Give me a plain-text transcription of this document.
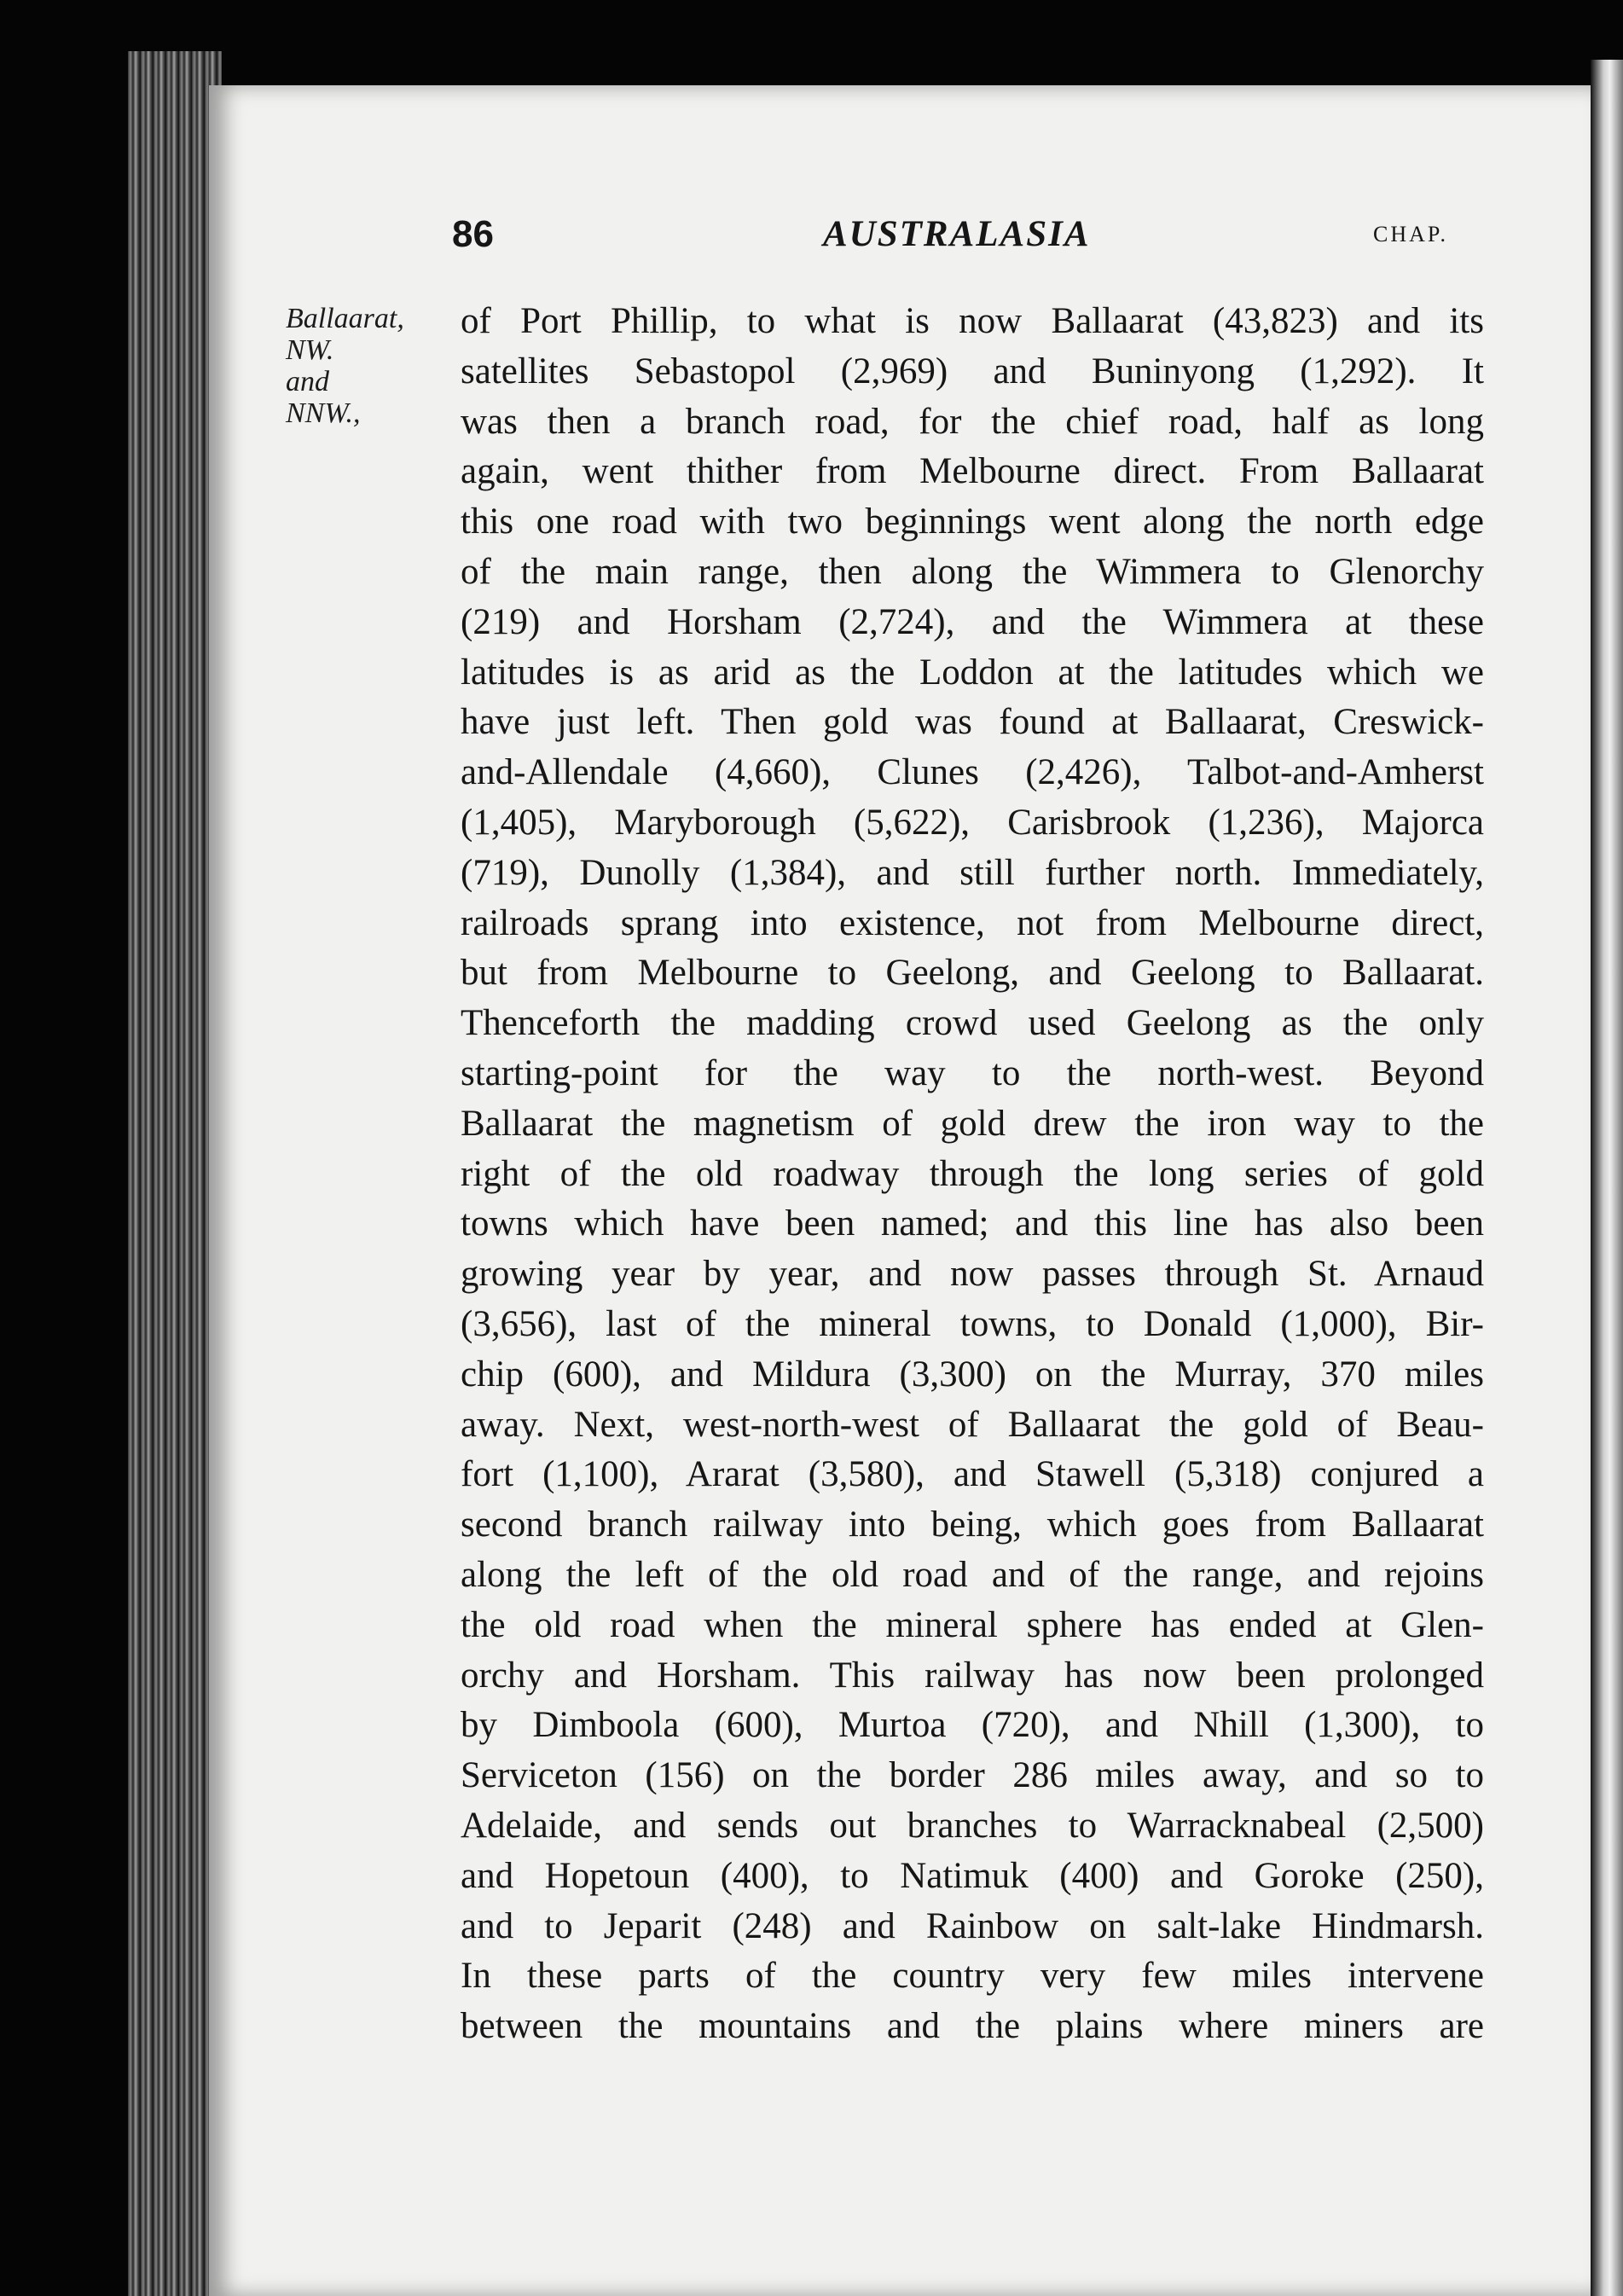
86	AUSTRALASIA	CHAP.
Ballaarat,
NW.
and
NNW.,
of Port Phillip, to what is now Ballaarat (43,823) and its
satellites Sebastopol (2,969) and Buninyong (1,292). It
was then a branch road, for the chief road, half as long
again, went thither from Melbourne direct. From Ballaarat
this one road with two beginnings went along the north edge
of the main range, then along the Wimmera to Glenorchy
(219) and Horsham (2,724), and the Wimmera at these
latitudes is as arid as the Loddon at the latitudes which we
have just left. Then gold was found at Ballaarat, Creswick-
and-Allendale (4,660), Clunes (2,426), Talbot-and-Amherst
(1,405), Maryborough (5,622), Carisbrook (1,236), Majorca
(719), Dunolly (1,384), and still further north. Immediately,
railroads sprang into existence, not from Melbourne direct,
but from Melbourne to Geelong, and Geelong to Ballaarat.
Thenceforth the madding crowd used Geelong as the only
starting-point for the way to the north-west. Beyond
Ballaarat the magnetism of gold drew the iron way to the
right of the old roadway through the long series of gold
towns which have been named; and this line has also been
growing year by year, and now passes through St. Arnaud
(3,656), last of the mineral towns, to Donald (1,000), Bir-
chip (600), and Mildura (3,300) on the Murray, 370 miles
away. Next, west-north-west of Ballaarat the gold of Beau-
fort (1,100), Ararat (3,580), and Stawell (5,318) conjured a
second branch railway into being, which goes from Ballaarat
along the left of the old road and of the range, and rejoins
the old road when the mineral sphere has ended at Glen-
orchy and Horsham. This railway has now been prolonged
by Dimboola (600), Murtoa (720), and Nhill (1,300), to
Serviceton (156) on the border 286 miles away, and so to
Adelaide, and sends out branches to Warracknabeal (2,500)
and Hopetoun (400), to Natimuk (400) and Goroke (250),
and to Jeparit (248) and Rainbow on salt-lake Hindmarsh.
In these parts of the country very few miles intervene
between the mountains and the plains where miners are
